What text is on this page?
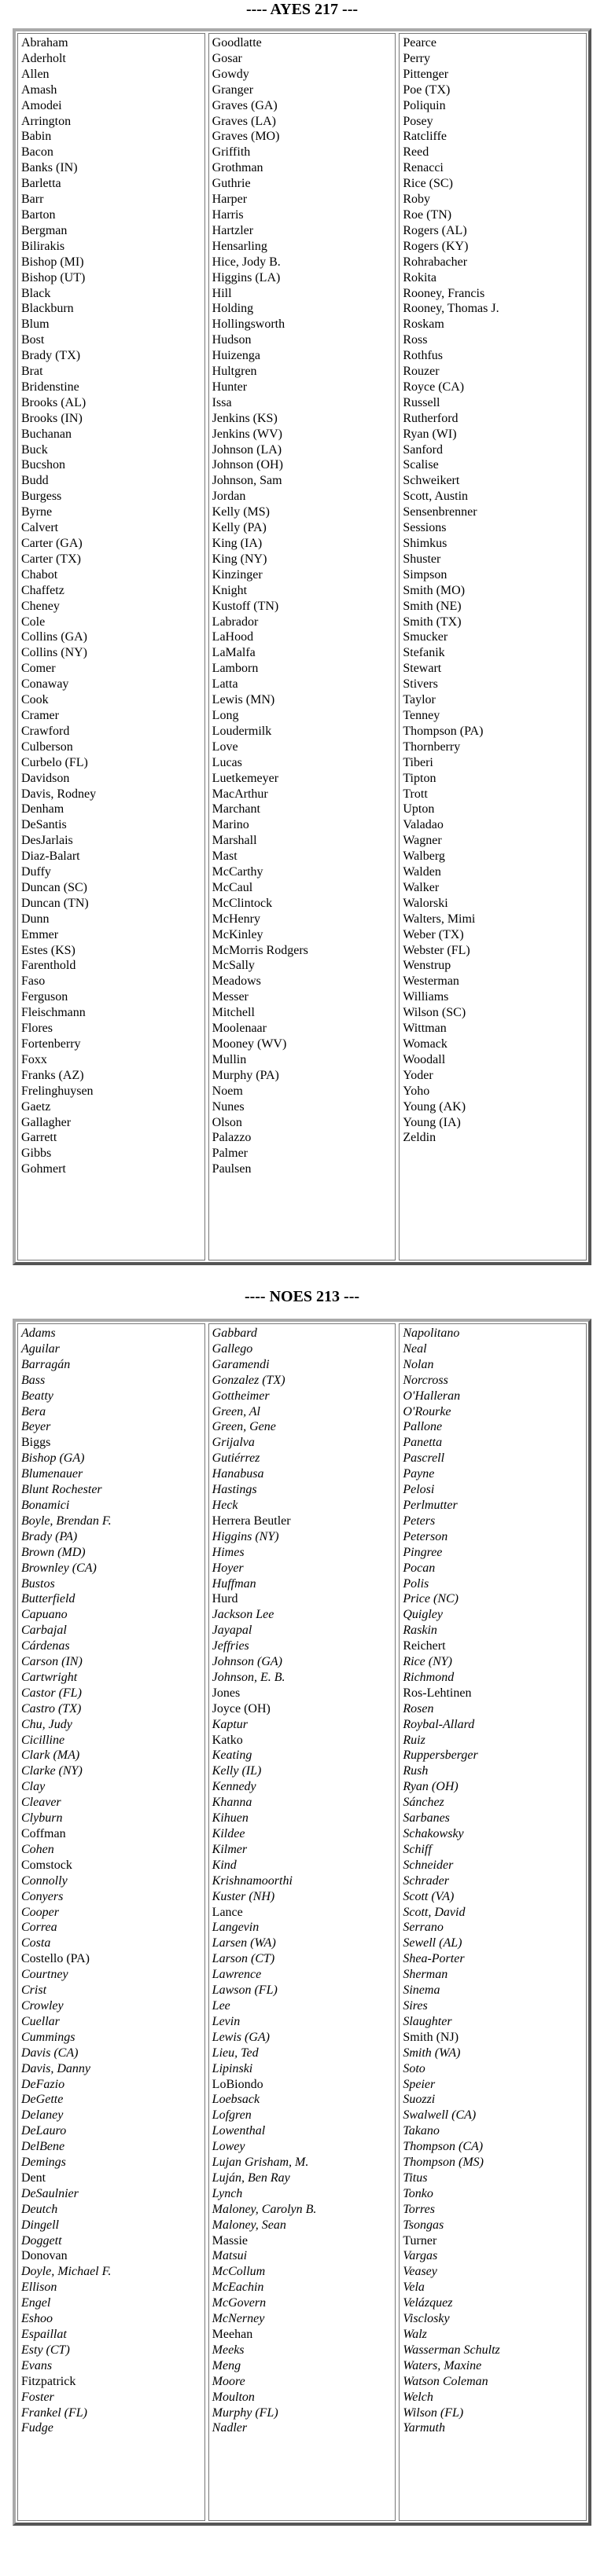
---- AYES 217 ---
Abraham
Aderholt
Allen
Amash
Amodei
Arrington
Babin
Bacon
Banks (IN)
Barletta
Barr
Barton
Bergman
Bilirakis
Bishop (MI)
Bishop (UT)
Black
Blackburn
Blum
Bost
Brady (TX)
Brat
Bridenstine
Brooks (AL)
Brooks (IN)
Buchanan
Buck
Bucshon
Budd
Burgess
Byrne
Calvert
Carter (GA)
Carter (TX)
Chabot
Chaffetz
Cheney
Cole
Collins (GA)
Collins (NY)
Comer
Conaway
Cook
Cramer
Crawford
Culberson
Curbelo (FL)
Davidson
Davis, Rodney
Denham
DeSantis
DesJarlais
Diaz-Balart
Duffy
Duncan (SC)
Duncan (TN)
Dunn
Emmer
Estes (KS)
Farenthold
Faso
Ferguson
Fleischmann
Flores
Fortenberry
Foxx
Franks (AZ)
Frelinghuysen
Gaetz
Gallagher
Garrett
Gibbs
Gohmert
Goodlatte
Gosar
Gowdy
Granger
Graves (GA)
Graves (LA)
Graves (MO)
Griffith
Grothman
Guthrie
Harper
Harris
Hartzler
Hensarling
Hice, Jody B.
Higgins (LA)
Hill
Holding
Hollingsworth
Hudson
Huizenga
Hultgren
Hunter
Issa
Jenkins (KS)
Jenkins (WV)
Johnson (LA)
Johnson (OH)
Johnson, Sam
Jordan
Kelly (MS)
Kelly (PA)
King (IA)
King (NY)
Kinzinger
Knight
Kustoff (TN)
Labrador
LaHood
LaMalfa
Lamborn
Latta
Lewis (MN)
Long
Loudermilk
Love
Lucas
Luetkemeyer
MacArthur
Marchant
Marino
Marshall
Mast
McCarthy
McCaul
McClintock
McHenry
McKinley
McMorris Rodgers
McSally
Meadows
Messer
Mitchell
Moolenaar
Mooney (WV)
Mullin
Murphy (PA)
Noem
Nunes
Olson
Palazzo
Palmer
Paulsen
Pearce
Perry
Pittenger
Poe (TX)
Poliquin
Posey
Ratcliffe
Reed
Renacci
Rice (SC)
Roby
Roe (TN)
Rogers (AL)
Rogers (KY)
Rohrabacher
Rokita
Rooney, Francis
Rooney, Thomas J.
Roskam
Ross
Rothfus
Rouzer
Royce (CA)
Russell
Rutherford
Ryan (WI)
Sanford
Scalise
Schweikert
Scott, Austin
Sensenbrenner
Sessions
Shimkus
Shuster
Simpson
Smith (MO)
Smith (NE)
Smith (TX)
Smucker
Stefanik
Stewart
Stivers
Taylor
Tenney
Thompson (PA)
Thornberry
Tiberi
Tipton
Trott
Upton
Valadao
Wagner
Walberg
Walden
Walker
Walorski
Walters, Mimi
Weber (TX)
Webster (FL)
Wenstrup
Westerman
Williams
Wilson (SC)
Wittman
Womack
Woodall
Yoder
Yoho
Young (AK)
Young (IA)
Zeldin
---- NOES 213 ---
Adams
Aguilar
Barragán
Bass
Beatty
Bera
Beyer
Biggs
Bishop (GA)
Blumenauer
Blunt Rochester
Bonamici
Boyle, Brendan F.
Brady (PA)
Brown (MD)
Brownley (CA)
Bustos
Butterfield
Capuano
Carbajal
Cárdenas
Carson (IN)
Cartwright
Castor (FL)
Castro (TX)
Chu, Judy
Cicilline
Clark (MA)
Clarke (NY)
Clay
Cleaver
Clyburn
Coffman
Cohen
Comstock
Connolly
Conyers
Cooper
Correa
Costa
Costello (PA)
Courtney
Crist
Crowley
Cuellar
Cummings
Davis (CA)
Davis, Danny
DeFazio
DeGette
Delaney
DeLauro
DelBene
Demings
Dent
DeSaulnier
Deutch
Dingell
Doggett
Donovan
Doyle, Michael F.
Ellison
Engel
Eshoo
Espaillat
Esty (CT)
Evans
Fitzpatrick
Foster
Frankel (FL)
Fudge
Gabbard
Gallego
Garamendi
Gonzalez (TX)
Gottheimer
Green, Al
Green, Gene
Grijalva
Gutiérrez
Hanabusa
Hastings
Heck
Herrera Beutler
Higgins (NY)
Himes
Hoyer
Huffman
Hurd
Jackson Lee
Jayapal
Jeffries
Johnson (GA)
Johnson, E. B.
Jones
Joyce (OH)
Kaptur
Katko
Keating
Kelly (IL)
Kennedy
Khanna
Kihuen
Kildee
Kilmer
Kind
Krishnamoorthi
Kuster (NH)
Lance
Langevin
Larsen (WA)
Larson (CT)
Lawrence
Lawson (FL)
Lee
Levin
Lewis (GA)
Lieu, Ted
Lipinski
LoBiondo
Loebsack
Lofgren
Lowenthal
Lowey
Lujan Grisham, M.
Luján, Ben Ray
Lynch
Maloney, Carolyn B.
Maloney, Sean
Massie
Matsui
McCollum
McEachin
McGovern
McNerney
Meehan
Meeks
Meng
Moore
Moulton
Murphy (FL)
Nadler
Napolitano
Neal
Nolan
Norcross
O'Halleran
O'Rourke
Pallone
Panetta
Pascrell
Payne
Pelosi
Perlmutter
Peters
Peterson
Pingree
Pocan
Polis
Price (NC)
Quigley
Raskin
Reichert
Rice (NY)
Richmond
Ros-Lehtinen
Rosen
Roybal-Allard
Ruiz
Ruppersberger
Rush
Ryan (OH)
Sánchez
Sarbanes
Schakowsky
Schiff
Schneider
Schrader
Scott (VA)
Scott, David
Serrano
Sewell (AL)
Shea-Porter
Sherman
Sinema
Sires
Slaughter
Smith (NJ)
Smith (WA)
Soto
Speier
Suozzi
Swalwell (CA)
Takano
Thompson (CA)
Thompson (MS)
Titus
Tonko
Torres
Tsongas
Turner
Vargas
Veasey
Vela
Velázquez
Visclosky
Walz
Wasserman Schultz
Waters, Maxine
Watson Coleman
Welch
Wilson (FL)
Yarmuth
